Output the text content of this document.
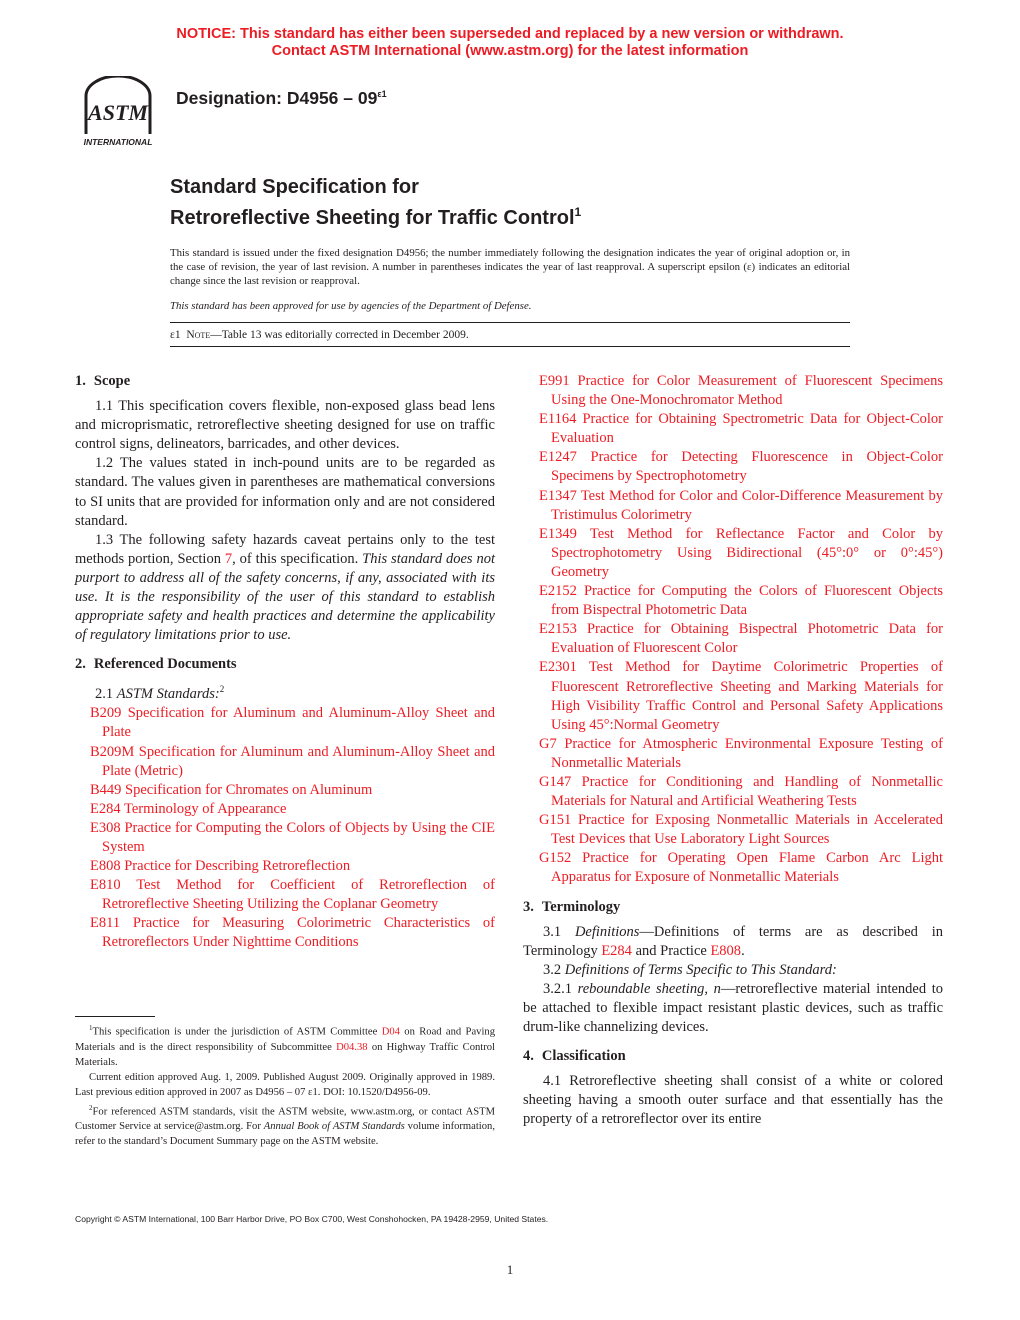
NOTICE: This standard has either been superseded and replaced by a new version or withdrawn.
Contact ASTM International (www.astm.org) for the latest information
ASTM
INTERNATIONAL
Designation: $D4956 - 09^{\varepsilon 1}$
Standard Specification for
Retroreflective Sheeting for Traffic Control$^1$
This standard is issued under the fixed designation D4956; the number immediately following the designation indicates the year of original adoption or, in the case of revision, the year of last revision. A number in parentheses indicates the year of last reapproval. A superscript epsilon (ε) indicates an editorial change since the last revision or reapproval.
This standard has been approved for use by agencies of the Department of Defense.
ε1 Note—Table 13 was editorially corrected in December 2009.
1. Scope

1.1 This specification covers flexible, non-exposed glass bead lens and microprismatic, retroreflective sheeting designed for use on traffic control signs, delineators, barricades, and other devices.

1.2 The values stated in inch-pound units are to be regarded as standard. The values given in parentheses are mathematical conversions to SI units that are provided for information only and are not considered standard.

1.3 The following safety hazards caveat pertains only to the test methods portion, Section 7, of this specification. This standard does not purport to address all of the safety concerns, if any, associated with its use. It is the responsibility of the user of this standard to establish appropriate safety and health practices and determine the applicability of regulatory limitations prior to use.

2. Referenced Documents

2.1 ASTM Standards:$^2$

B209 Specification for Aluminum and Aluminum-Alloy Sheet and Plate
B209M Specification for Aluminum and Aluminum-Alloy Sheet and Plate (Metric)
B449 Specification for Chromates on Aluminum
E284 Terminology of Appearance
E308 Practice for Computing the Colors of Objects by Using the CIE System
E808 Practice for Describing Retroreflection
E810 Test Method for Coefficient of Retroreflection of Retroreflective Sheeting Utilizing the Coplanar Geometry
E811 Practice for Measuring Colorimetric Characteristics of Retroreflectors Under Nighttime Conditions
E991 Practice for Color Measurement of Fluorescent Specimens Using the One-Monochromator Method
E1164 Practice for Obtaining Spectrometric Data for Object-Color Evaluation
E1247 Practice for Detecting Fluorescence in Object-Color Specimens by Spectrophotometry
E1347 Test Method for Color and Color-Difference Measurement by Tristimulus Colorimetry
E1349 Test Method for Reflectance Factor and Color by Spectrophotometry Using Bidirectional (45°:0° or 0°:45°) Geometry
E2152 Practice for Computing the Colors of Fluorescent Objects from Bispectral Photometric Data
E2153 Practice for Obtaining Bispectral Photometric Data for Evaluation of Fluorescent Color
E2301 Test Method for Daytime Colorimetric Properties of Fluorescent Retroreflective Sheeting and Marking Materials for High Visibility Traffic Control and Personal Safety Applications Using 45°:Normal Geometry
G7 Practice for Atmospheric Environmental Exposure Testing of Nonmetallic Materials
G147 Practice for Conditioning and Handling of Nonmetallic Materials for Natural and Artificial Weathering Tests
G151 Practice for Exposing Nonmetallic Materials in Accelerated Test Devices that Use Laboratory Light Sources
G152 Practice for Operating Open Flame Carbon Arc Light Apparatus for Exposure of Nonmetallic Materials
3. Terminology

3.1 Definitions—Definitions of terms are as described in Terminology E284 and Practice E808.

3.2 Definitions of Terms Specific to This Standard:

3.2.1 reboundable sheeting, n—retroreflective material intended to be attached to flexible impact resistant plastic devices, such as traffic drum-like channelizing devices.

4. Classification

4.1 Retroreflective sheeting shall consist of a white or colored sheeting having a smooth outer surface and that essentially has the property of a retroreflector over its entire

$^1$This specification is under the jurisdiction of ASTM Committee D04 on Road and Paving Materials and is the direct responsibility of Subcommittee D04.38 on Highway Traffic Control Materials.

Current edition approved Aug. 1, 2009. Published August 2009. Originally approved in 1989. Last previous edition approved in 2007 as D4956 – 07 ε1. DOI: 10.1520/D4956-09.

$^2$For referenced ASTM standards, visit the ASTM website, www.astm.org, or contact ASTM Customer Service at service@astm.org. For Annual Book of ASTM Standards volume information, refer to the standard’s Document Summary page on the ASTM website.

Copyright © ASTM International, 100 Barr Harbor Drive, PO Box C700, West Conshohocken, PA 19428-2959, United States.
1
